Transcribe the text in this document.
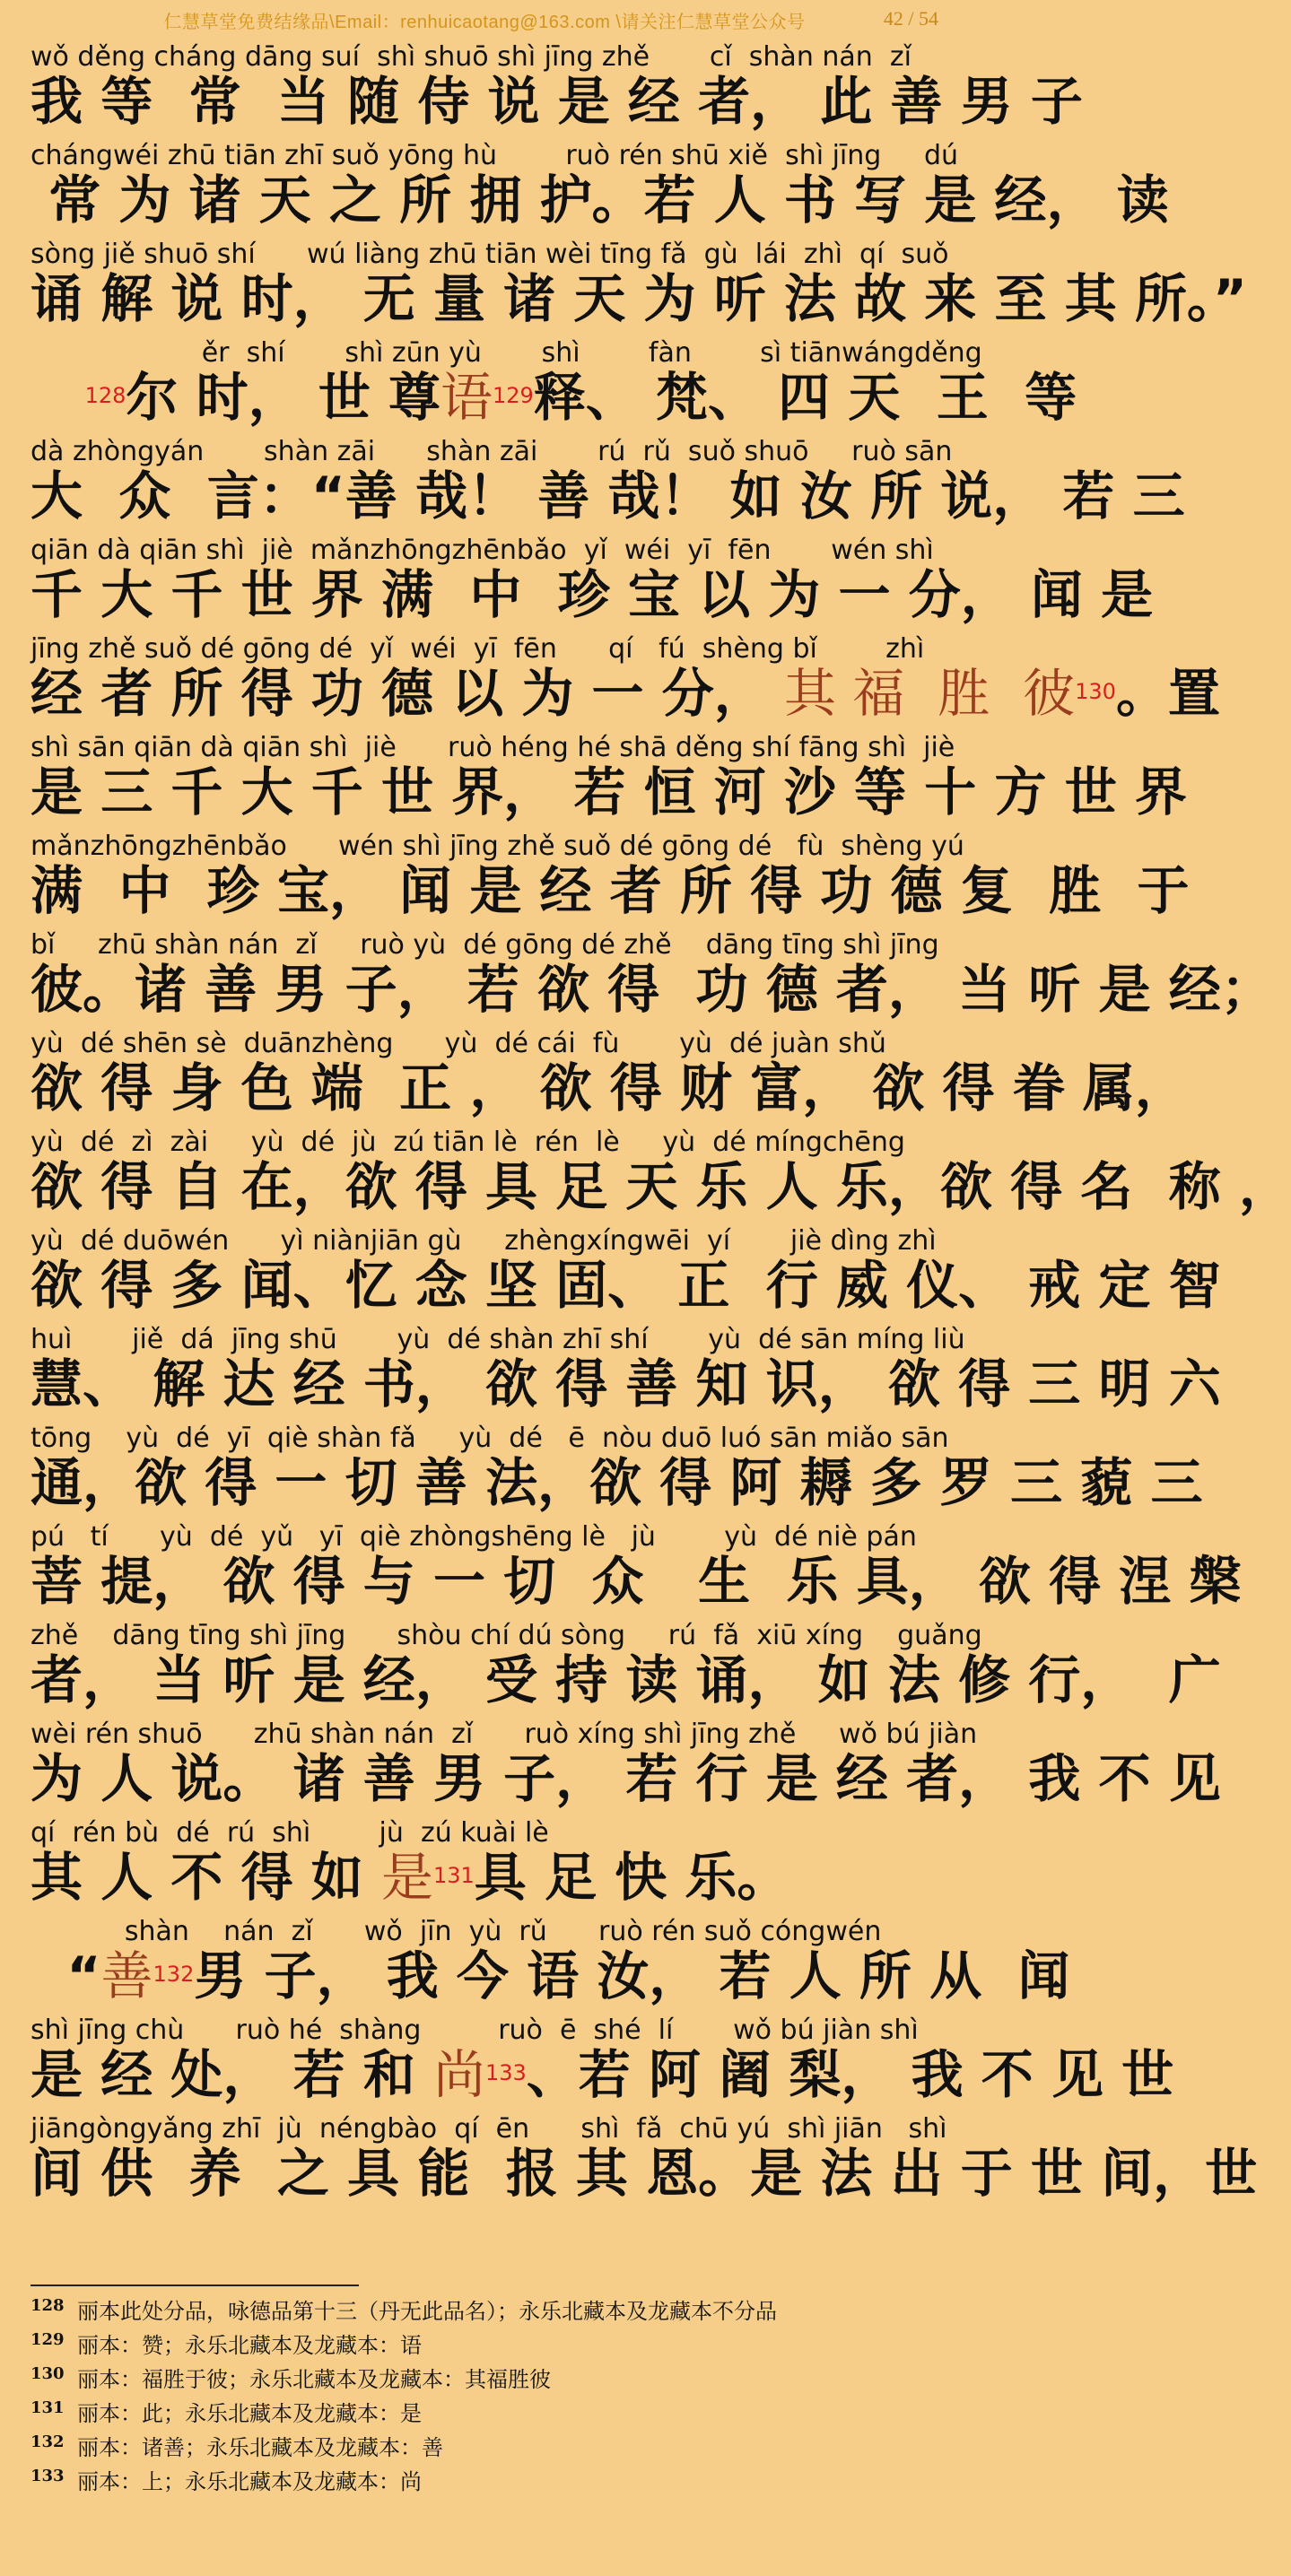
仁慧草堂免费结缘品\Email：renhuicaotang@163.com \请关注仁慧草堂公众号	42 / 54
wǒ děng cháng dāng suí  shì shuō shì jīng zhě       cǐ  shàn nán  zǐ
我 等  常  当 随 侍 说 是 经 者， 此 善 男 子
chángwéi zhū tiān zhī suǒ yōng hù        ruò rén shū xiě  shì jīng     dú
常 为 诸 天 之 所 拥 护。若 人 书 写 是 经， 读
sòng jiě shuō shí      wú liàng zhū tiān wèi tīng fǎ  gù  lái  zhì  qí  suǒ
诵 解 说 时， 无 量 诸 天 为 听 法 故 来 至 其 所。”
ěr  shí       shì zūn yù       shì        fàn        sì tiānwángděng
$^{128}$尔 时， 世 尊语$^{129}$释、 梵、 四 天  王  等
dà zhòngyán       shàn zāi      shàn zāi       rú  rǔ  suǒ shuō     ruò sān
大  众  言：“善 哉！ 善 哉！ 如 汝 所 说， 若 三
qiān dà qiān shì  jiè  mǎnzhōngzhēnbǎo  yǐ  wéi  yī  fēn       wén shì
千 大 千 世 界 满  中  珍 宝 以 为 一 分， 闻 是
jīng zhě suǒ dé gōng dé  yǐ  wéi  yī  fēn      qí   fú  shèng bǐ        zhì
经 者 所 得 功 德 以 为 一 分， 其 福  胜  彼$^{130}$。置
shì sān qiān dà qiān shì  jiè      ruò héng hé shā děng shí fāng shì  jiè
是 三 千 大 千 世 界， 若 恒 河 沙 等 十 方 世 界
mǎnzhōngzhēnbǎo      wén shì jīng zhě suǒ dé gōng dé   fù  shèng yú
满  中  珍 宝， 闻 是 经 者 所 得 功 德 复  胜  于
bǐ     zhū shàn nán  zǐ     ruò yù  dé gōng dé zhě    dāng tīng shì jīng
彼。诸 善 男 子， 若 欲 得  功 德 者， 当 听 是 经；
yù  dé shēn sè  duānzhèng      yù  dé cái  fù       yù  dé juàn shǔ
欲 得 身 色 端  正 ， 欲 得 财 富， 欲 得 眷 属，
yù  dé  zì  zài     yù  dé  jù  zú tiān lè  rén  lè     yù  dé míngchēng
欲 得 自 在，欲 得 具 足 天 乐 人 乐，欲 得 名  称 ，
yù  dé duōwén      yì niànjiān gù     zhèngxíngwēi  yí       jiè dìng zhì
欲 得 多 闻、忆 念 坚 固、 正  行 威 仪、 戒 定 智
huì       jiě  dá  jīng shū       yù  dé shàn zhī shí       yù  dé sān míng liù
慧、 解 达 经 书， 欲 得 善 知 识， 欲 得 三 明 六
tōng    yù  dé  yī  qiè shàn fǎ     yù  dé   ē  nòu duō luó sān miǎo sān
通，欲 得 一 切 善 法，欲 得 阿 耨 多 罗 三 藐 三
pú   tí      yù  dé  yǔ   yī  qiè zhòngshēng lè   jù        yù  dé niè pán
菩 提， 欲 得 与 一 切  众   生  乐 具， 欲 得 涅 槃
zhě    dāng tīng shì jīng      shòu chí dú sòng     rú  fǎ  xiū xíng    guǎng
者， 当 听 是 经， 受 持 读 诵， 如 法 修 行，  广
wèi rén shuō      zhū shàn nán  zǐ      ruò xíng shì jīng zhě     wǒ bú jiàn
为 人 说。 诸 善 男 子， 若 行 是 经 者， 我 不 见
qí  rén bù  dé  rú  shì        jù  zú kuài lè
其 人 不 得 如 是$^{131}$具 足 快 乐。
shàn    nán  zǐ      wǒ  jīn  yù  rǔ      ruò rén suǒ cóngwén
“善$^{132}$男 子， 我 今 语 汝， 若 人 所 从  闻
shì jīng chù      ruò hé  shàng         ruò  ē  shé  lí       wǒ bú jiàn shì
是 经 处， 若 和 尚$^{133}$、若 阿 阇 梨， 我 不 见 世
jiāngòngyǎng zhī  jù  néngbào  qí  ēn      shì  fǎ  chū yú  shì jiān   shì
间 供  养  之 具 能  报 其 恩。是 法 出 于 世 间，世
128 丽本此处分品，咏德品第十三（丹无此品名）；永乐北藏本及龙藏本不分品
129 丽本：赞；永乐北藏本及龙藏本：语
130 丽本：福胜于彼；永乐北藏本及龙藏本：其福胜彼
131 丽本：此；永乐北藏本及龙藏本：是
132 丽本：诸善；永乐北藏本及龙藏本：善
133 丽本：上；永乐北藏本及龙藏本：尚
